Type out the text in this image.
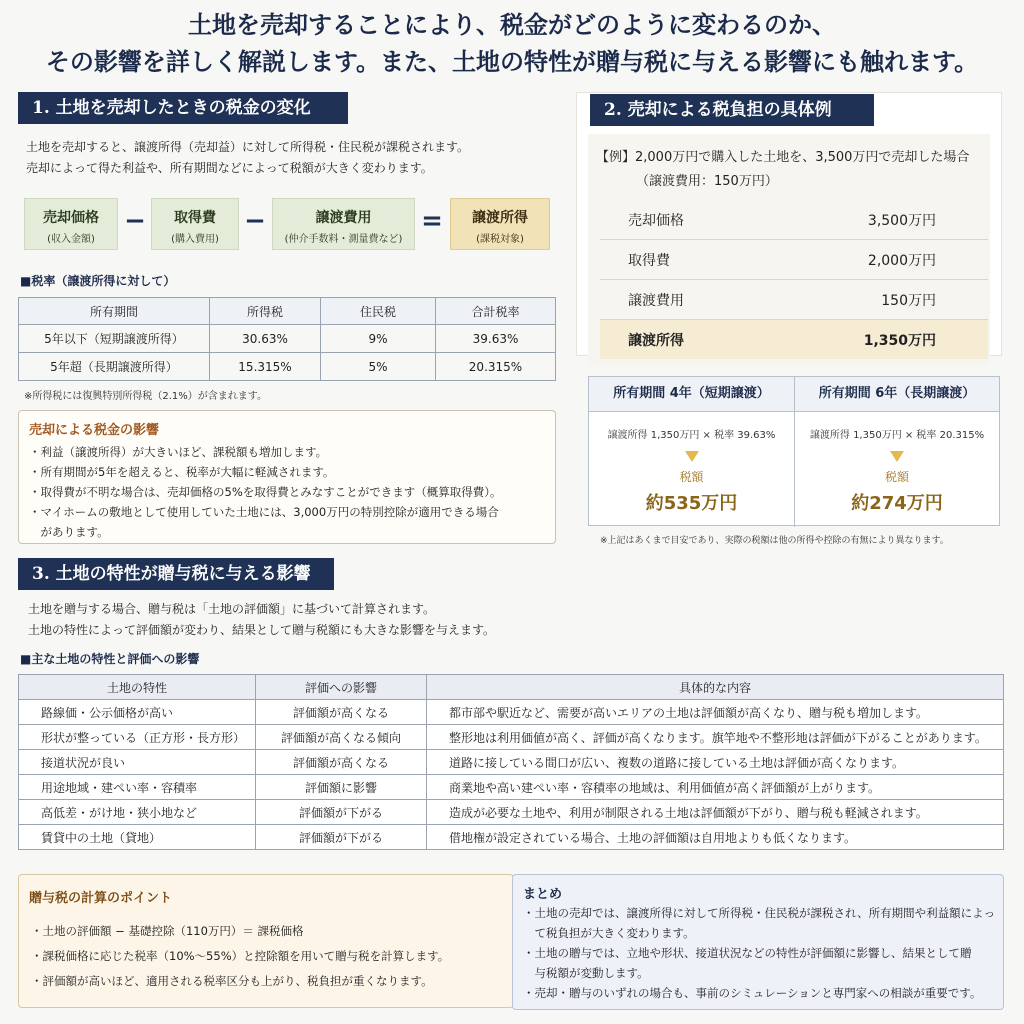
土地を売却することにより、税金がどのように変わるのか、
その影響を詳しく解説します。また、土地の特性が贈与税に与える影響にも触れます。
1. 土地を売却したときの税金の変化
土地を売却すると、譲渡所得（売却益）に対して所得税・住民税が課税されます。
売却によって得た利益や、所有期間などによって税額が大きく変わります。
売却価格
(収入金額)
−	取得費
(購入費用)
−	譲渡費用
(仲介手数料・測量費など)
=	譲渡所得
(課税対象)
■税率（譲渡所得に対して）
所有期間	所得税	住民税	合計税率
5年以下（短期譲渡所得）	30.63%	9%	39.63%
5年超（長期譲渡所得）	15.315%	5%	20.315%
※所得税には復興特別所得税（2.1%）が含まれます。
売却による税金の影響
・利益（譲渡所得）が大きいほど、課税額も増加します。
・所有期間が5年を超えると、税率が大幅に軽減されます。
・取得費が不明な場合は、売却価格の5%を取得費とみなすことができます（概算取得費）。
・マイホームの敷地として使用していた土地には、3,000万円の特別控除が適用できる場合
　があります。
2. 売却による税負担の具体例
【例】2,000万円で購入した土地を、3,500万円で売却した場合
（譲渡費用：150万円）
売却価格	3,500万円
取得費	2,000万円
譲渡費用	150万円
譲渡所得	1,350万円
所有期間 4年（短期譲渡）
譲渡所得 1,350万円 × 税率 39.63%
税額
約535万円
所有期間 6年（長期譲渡）
譲渡所得 1,350万円 × 税率 20.315%
税額
約274万円
※上記はあくまで目安であり、実際の税額は他の所得や控除の有無により異なります。
3. 土地の特性が贈与税に与える影響
土地を贈与する場合、贈与税は「土地の評価額」に基づいて計算されます。
土地の特性によって評価額が変わり、結果として贈与税額にも大きな影響を与えます。
■主な土地の特性と評価への影響
土地の特性	評価への影響	具体的な内容
路線価・公示価格が高い	評価額が高くなる	都市部や駅近など、需要が高いエリアの土地は評価額が高くなり、贈与税も増加します。
形状が整っている（正方形・長方形）	評価額が高くなる傾向	整形地は利用価値が高く、評価が高くなります。旗竿地や不整形地は評価が下がることがあります。
接道状況が良い	評価額が高くなる	道路に接している間口が広い、複数の道路に接している土地は評価が高くなります。
用途地域・建ぺい率・容積率	評価額に影響	商業地や高い建ぺい率・容積率の地域は、利用価値が高く評価額が上がります。
高低差・がけ地・狭小地など	評価額が下がる	造成が必要な土地や、利用が制限される土地は評価額が下がり、贈与税も軽減されます。
賃貸中の土地（貸地）	評価額が下がる	借地権が設定されている場合、土地の評価額は自用地よりも低くなります。
贈与税の計算のポイント
・土地の評価額 − 基礎控除（110万円）＝ 課税価格
・課税価格に応じた税率（10%〜55%）と控除額を用いて贈与税を計算します。
・評価額が高いほど、適用される税率区分も上がり、税負担が重くなります。
まとめ
・土地の売却では、譲渡所得に対して所得税・住民税が課税され、所有期間や利益額によっ
　て税負担が大きく変わります。
・土地の贈与では、立地や形状、接道状況などの特性が評価額に影響し、結果として贈
　与税額が変動します。
・売却・贈与のいずれの場合も、事前のシミュレーションと専門家への相談が重要です。
